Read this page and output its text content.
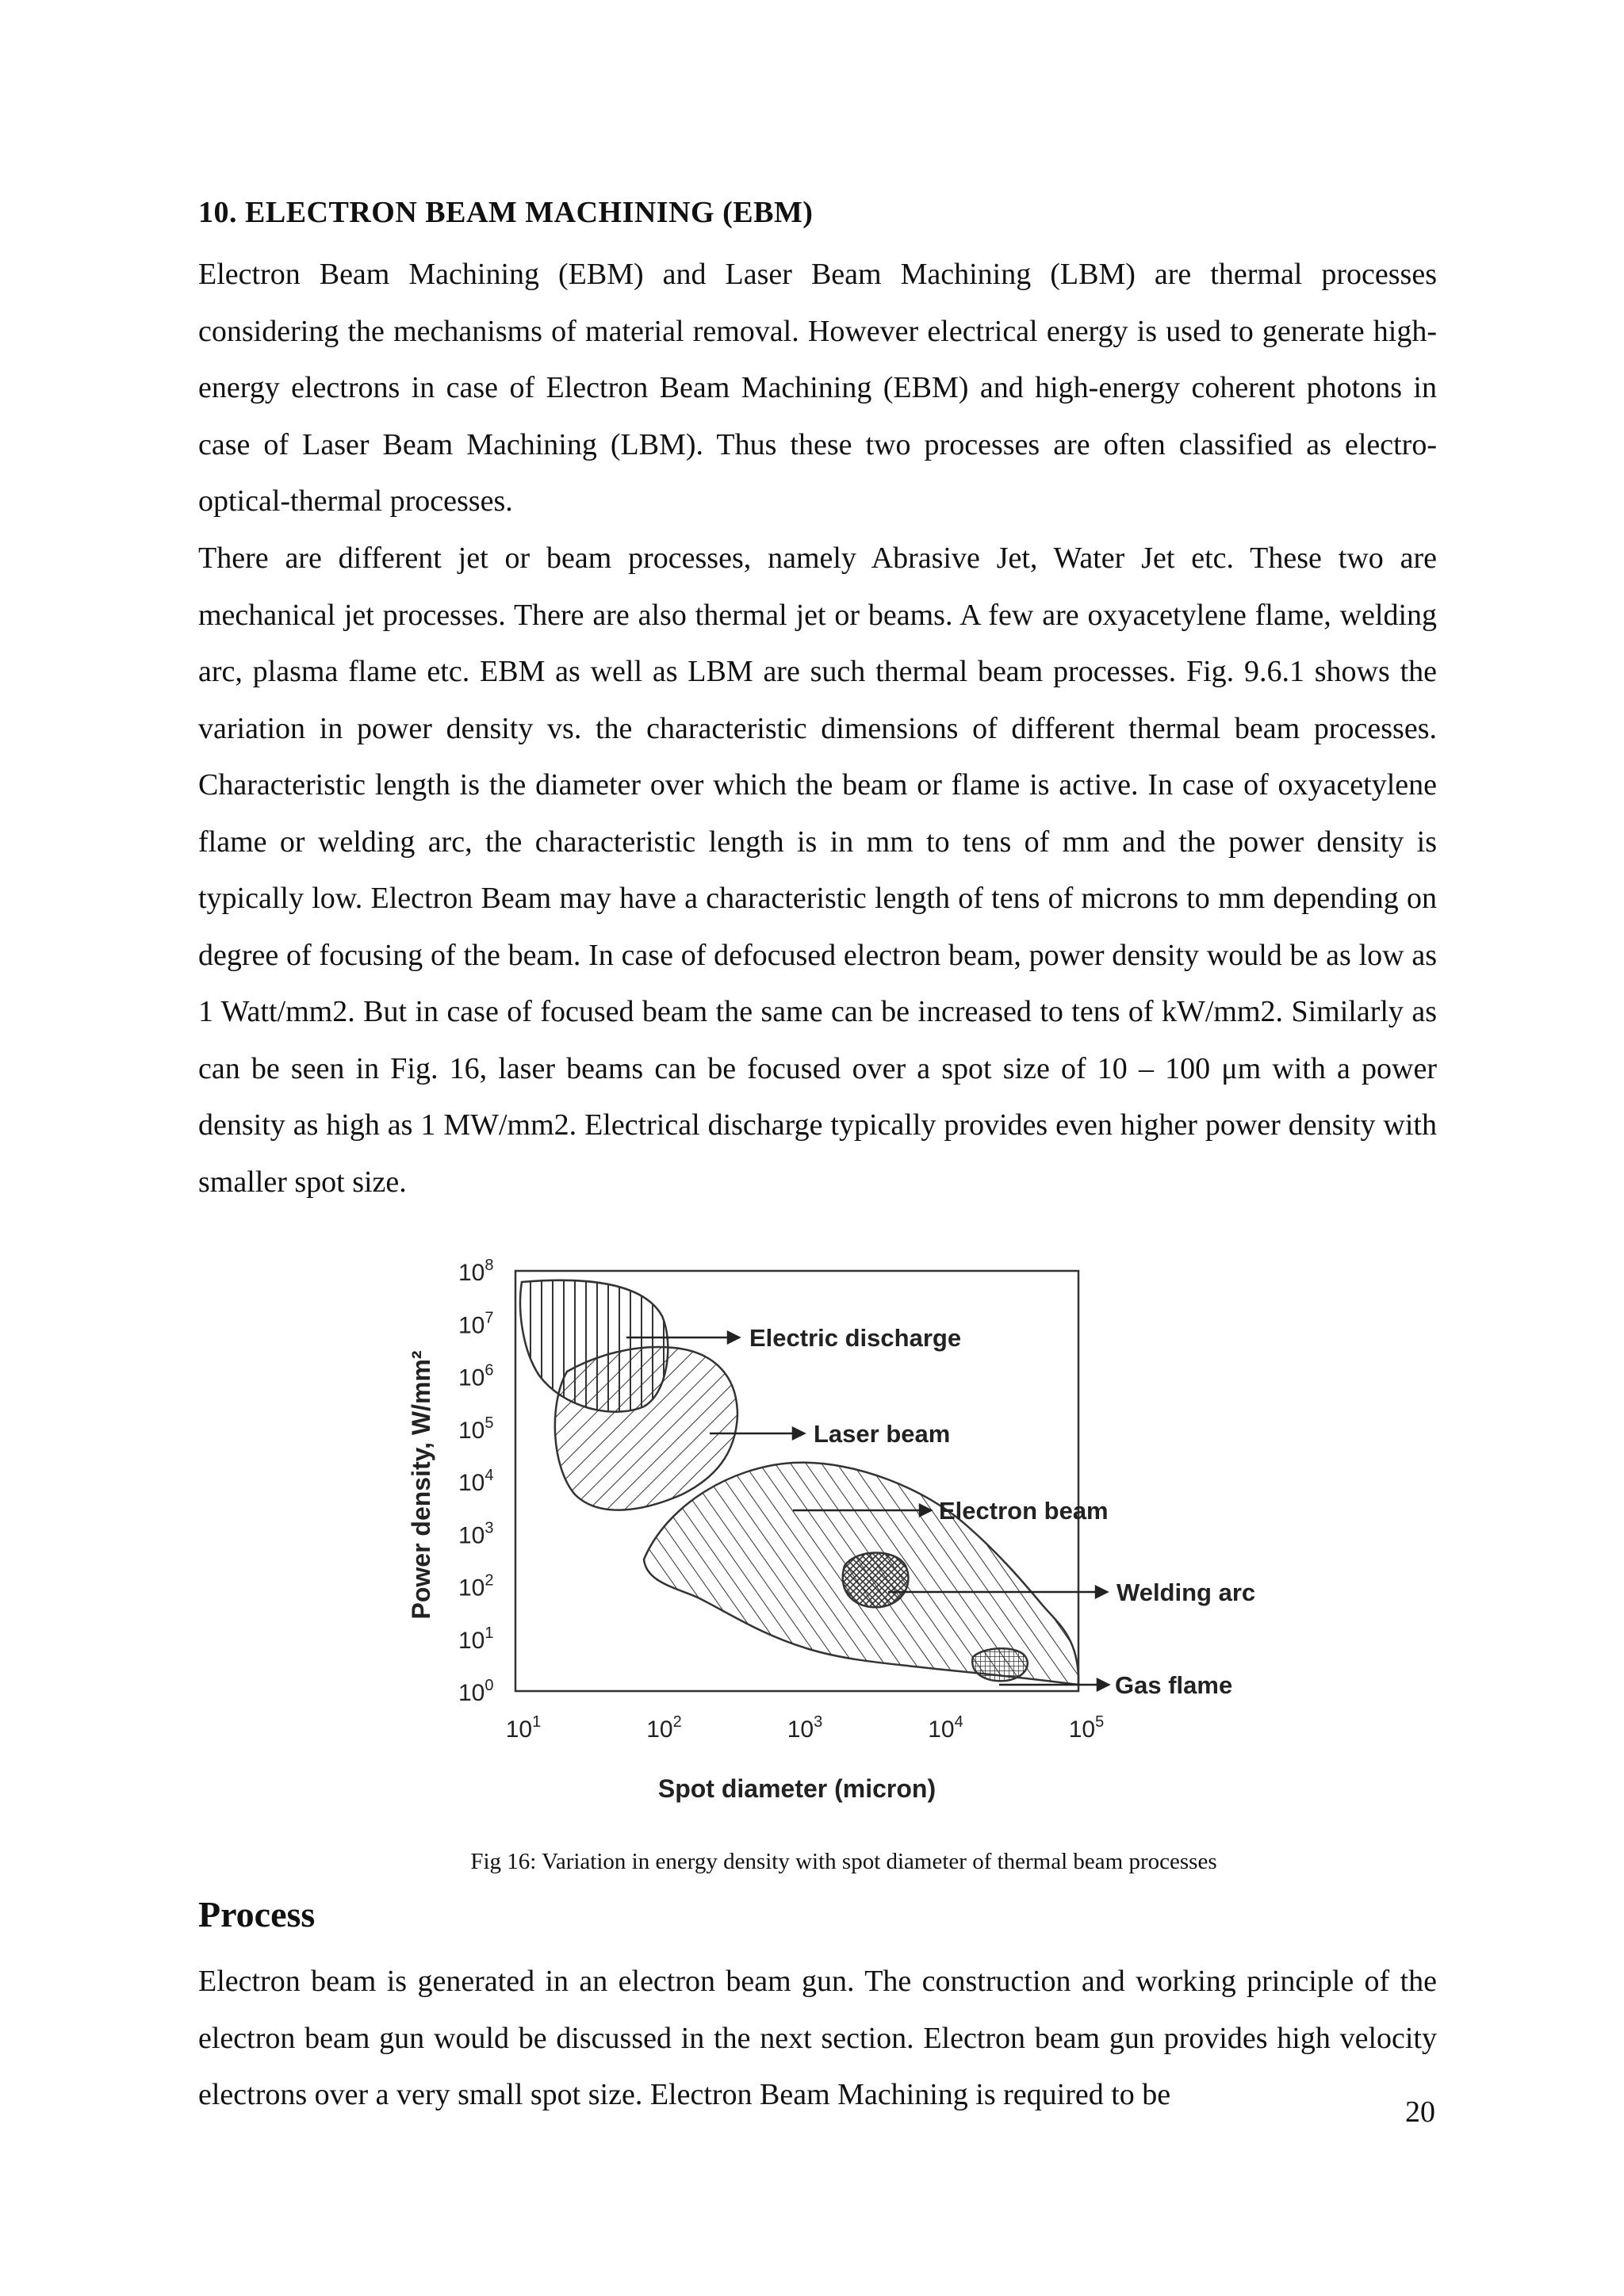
10. ELECTRON BEAM MACHINING (EBM)

Electron Beam Machining (EBM) and Laser Beam Machining (LBM) are thermal processes considering the mechanisms of material removal. However electrical energy is used to generate high-energy electrons in case of Electron Beam Machining (EBM) and high-energy coherent photons in case of Laser Beam Machining (LBM). Thus these two processes are often classified as electro-optical-thermal processes.

There are different jet or beam processes, namely Abrasive Jet, Water Jet etc. These two are mechanical jet processes. There are also thermal jet or beams. A few are oxyacetylene flame, welding arc, plasma flame etc. EBM as well as LBM are such thermal beam processes. Fig. 9.6.1 shows the variation in power density vs. the characteristic dimensions of different thermal beam processes. Characteristic length is the diameter over which the beam or flame is active. In case of oxyacetylene flame or welding arc, the characteristic length is in mm to tens of mm and the power density is typically low. Electron Beam may have a characteristic length of tens of microns to mm depending on degree of focusing of the beam. In case of defocused electron beam, power density would be as low as 1 Watt/mm2. But in case of focused beam the same can be increased to tens of kW/mm2. Similarly as can be seen in Fig. 16, laser beams can be focused over a spot size of 10 – 100 μm with a power density as high as 1 MW/mm2. Electrical discharge typically provides even higher power density with smaller spot size.

Power density, W/mm²
Spot diameter (micron)
Electric discharge
Laser beam
Electron beam
Welding arc
Gas flame
$10^0$
$10^1$
$10^2$
$10^3$
$10^4$
$10^5$
$10^6$
$10^7$
$10^8$
$10^1$	$10^2$	$10^3$	$10^4$	$10^5$

Fig 16: Variation in energy density with spot diameter of thermal beam processes

Process

Electron beam is generated in an electron beam gun. The construction and working principle of the electron beam gun would be discussed in the next section. Electron beam gun provides high velocity electrons over a very small spot size. Electron Beam Machining is required to be

20
